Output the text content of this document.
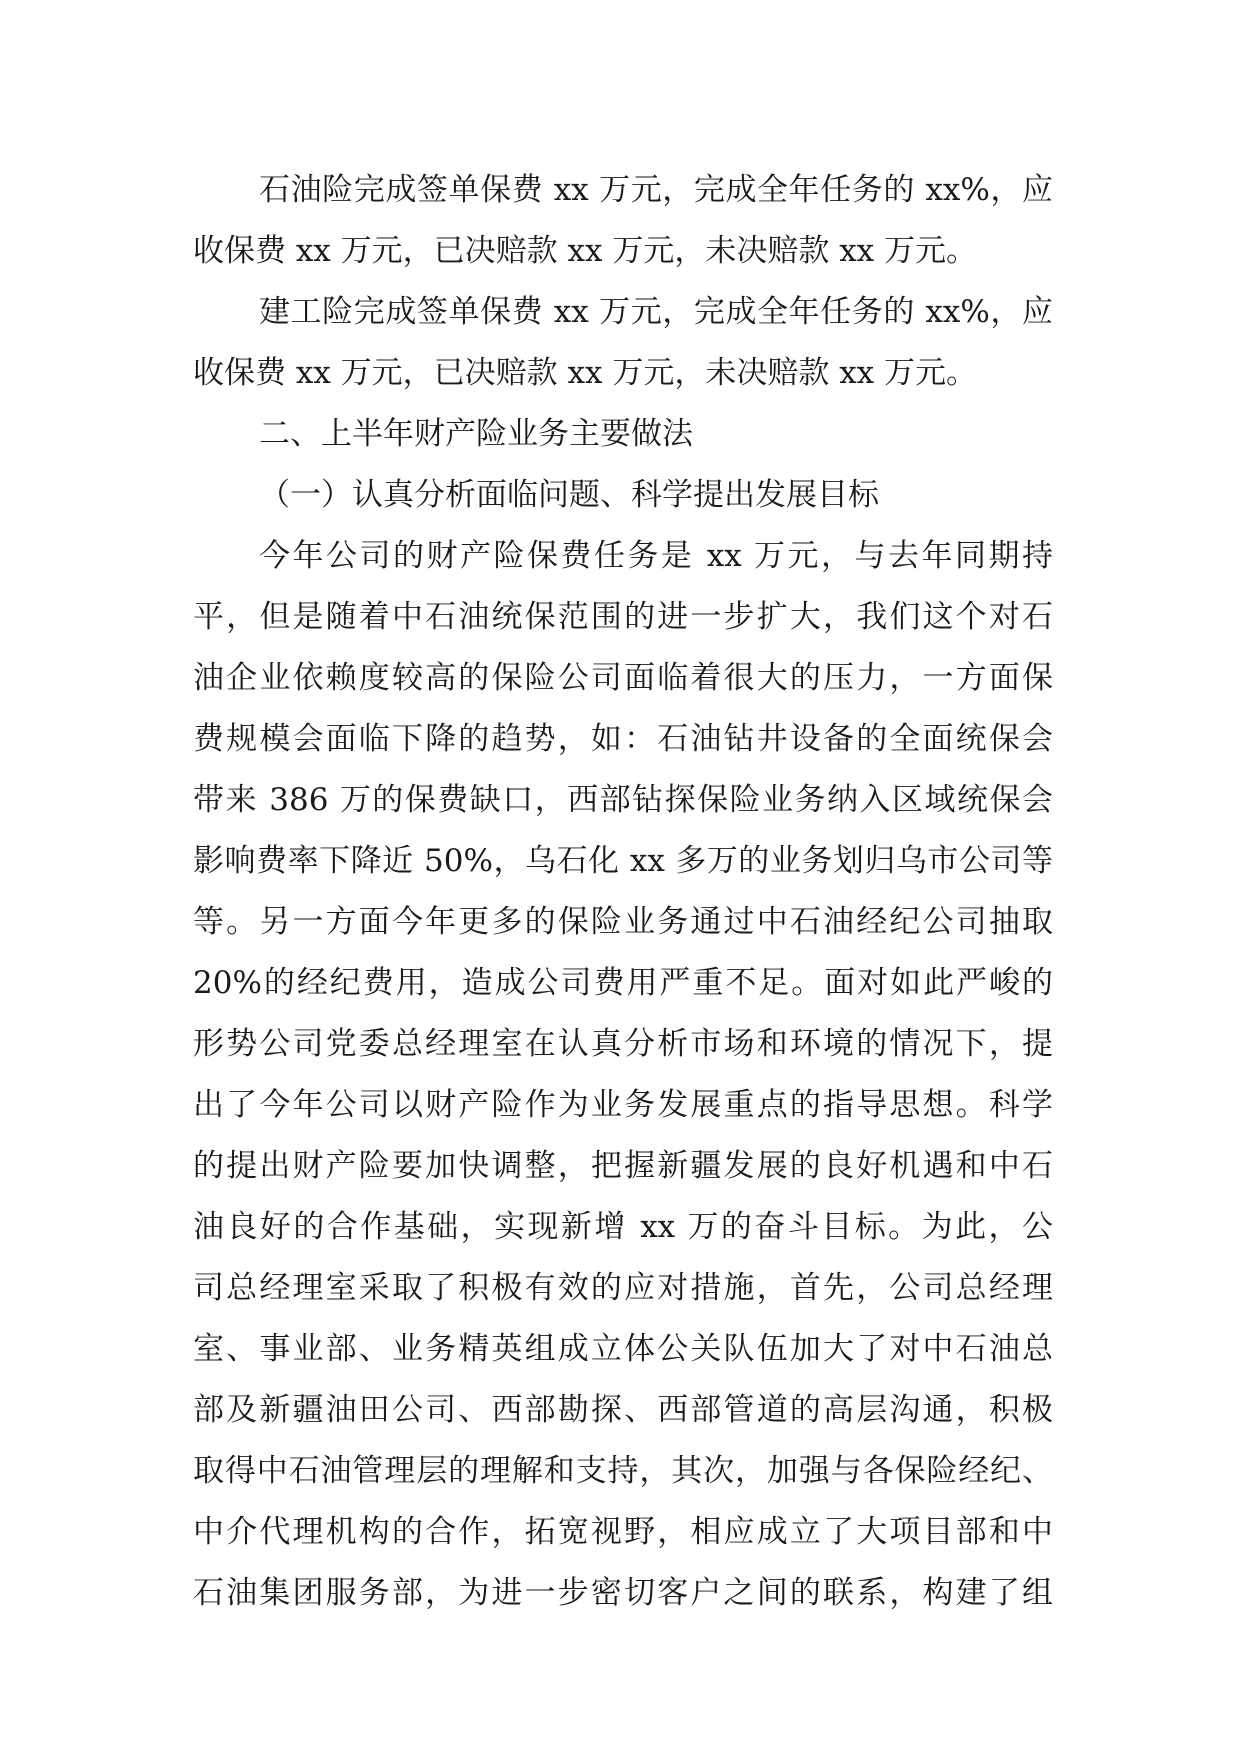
石油险完成签单保费 xx 万元，完成全年任务的 xx%，应
收保费 xx 万元，已决赔款 xx 万元，未决赔款 xx 万元。
建工险完成签单保费 xx 万元，完成全年任务的 xx%，应
收保费 xx 万元，已决赔款 xx 万元，未决赔款 xx 万元。
二、上半年财产险业务主要做法
（一）认真分析面临问题、科学提出发展目标
今年公司的财产险保费任务是 xx 万元，与去年同期持
平，但是随着中石油统保范围的进一步扩大，我们这个对石
油企业依赖度较高的保险公司面临着很大的压力，一方面保
费规模会面临下降的趋势，如：石油钻井设备的全面统保会
带来 386 万的保费缺口，西部钻探保险业务纳入区域统保会
影响费率下降近 50%，乌石化 xx 多万的业务划归乌市公司等
等。另一方面今年更多的保险业务通过中石油经纪公司抽取
20%的经纪费用，造成公司费用严重不足。面对如此严峻的
形势公司党委总经理室在认真分析市场和环境的情况下，提
出了今年公司以财产险作为业务发展重点的指导思想。科学
的提出财产险要加快调整，把握新疆发展的良好机遇和中石
油良好的合作基础，实现新增 xx 万的奋斗目标。为此，公
司总经理室采取了积极有效的应对措施，首先，公司总经理
室、事业部、业务精英组成立体公关队伍加大了对中石油总
部及新疆油田公司、西部勘探、西部管道的高层沟通，积极
取得中石油管理层的理解和支持，其次，加强与各保险经纪、
中介代理机构的合作，拓宽视野，相应成立了大项目部和中
石油集团服务部，为进一步密切客户之间的联系，构建了组
